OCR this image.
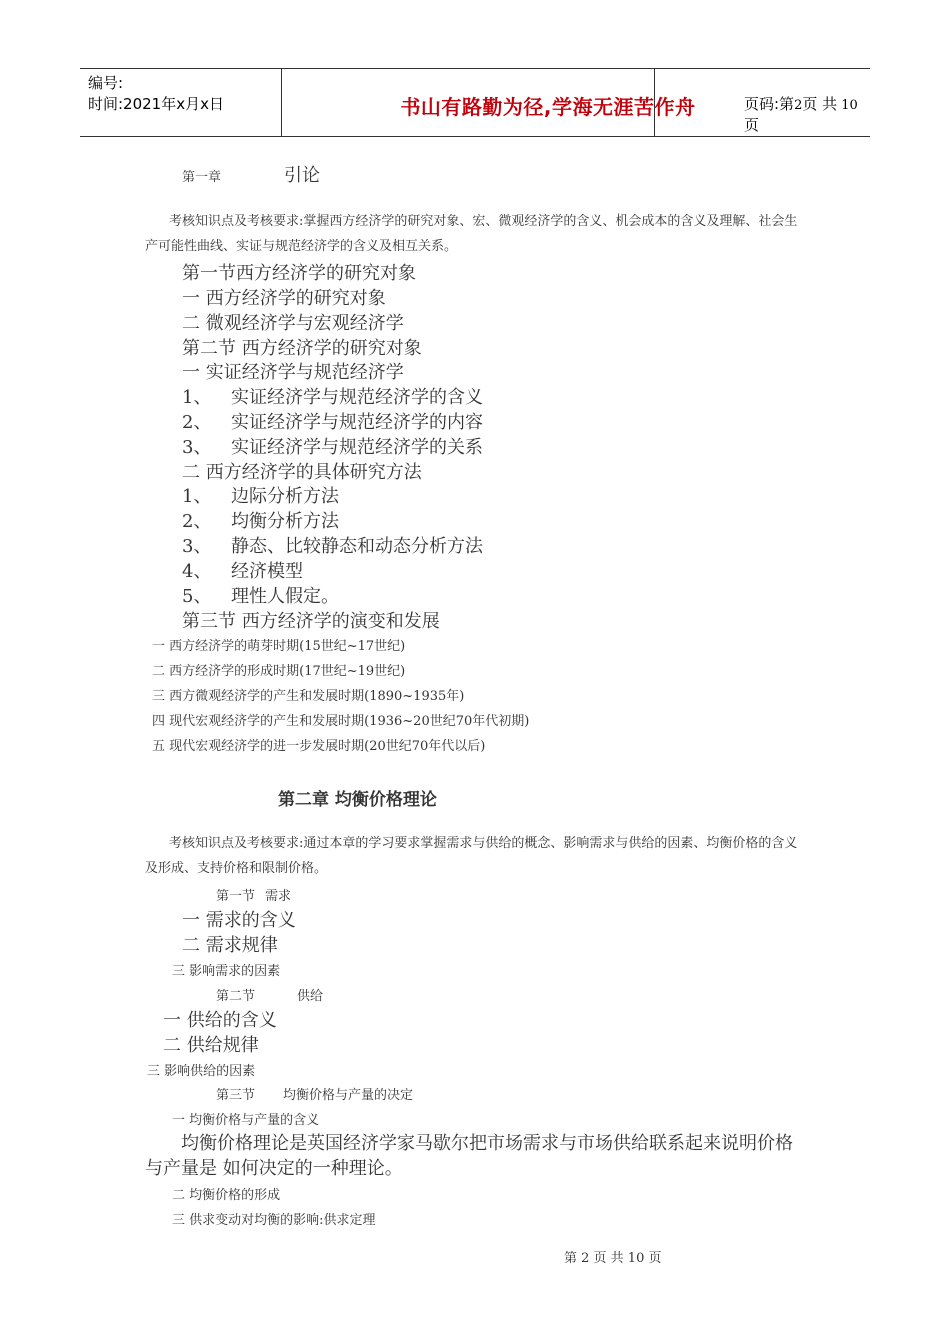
编号:
时间:2021年x月x日	书山有路勤为径,学海无涯苦作舟	页码:第2页 共 10页
第一章	引论
考核知识点及考核要求:掌握西方经济学的研究对象、宏、微观经济学的含义、机会成本的含义及理解、社会生产可能性曲线、实证与规范经济学的含义及相互关系。
第一节西方经济学的研究对象
一 西方经济学的研究对象
二 微观经济学与宏观经济学
第二节 西方经济学的研究对象
一 实证经济学与规范经济学
1、 实证经济学与规范经济学的含义
2、 实证经济学与规范经济学的内容
3、 实证经济学与规范经济学的关系
二 西方经济学的具体研究方法
1、 边际分析方法
2、 均衡分析方法
3、 静态、比较静态和动态分析方法
4、 经济模型
5、 理性人假定。
第三节 西方经济学的演变和发展
一 西方经济学的萌芽时期(15世纪~17世纪)
二 西方经济学的形成时期(17世纪~19世纪)
三 西方微观经济学的产生和发展时期(1890~1935年)
四 现代宏观经济学的产生和发展时期(1936~20世纪70年代初期)
五 现代宏观经济学的进一步发展时期(20世纪70年代以后)
第二章 均衡价格理论
考核知识点及考核要求:通过本章的学习要求掌握需求与供给的概念、影响需求与供给的因素、均衡价格的含义及形成、支持价格和限制价格。
第一节 需求
一 需求的含义
二 需求规律
三 影响需求的因素
第二节	供给
一 供给的含义
二 供给规律
三 影响供给的因素
第三节 均衡价格与产量的决定
一 均衡价格与产量的含义
均衡价格理论是英国经济学家马歇尔把市场需求与市场供给联系起来说明价格与产量是 如何决定的一种理论。
二 均衡价格的形成
三 供求变动对均衡的影响:供求定理
第 2 页 共 10 页
